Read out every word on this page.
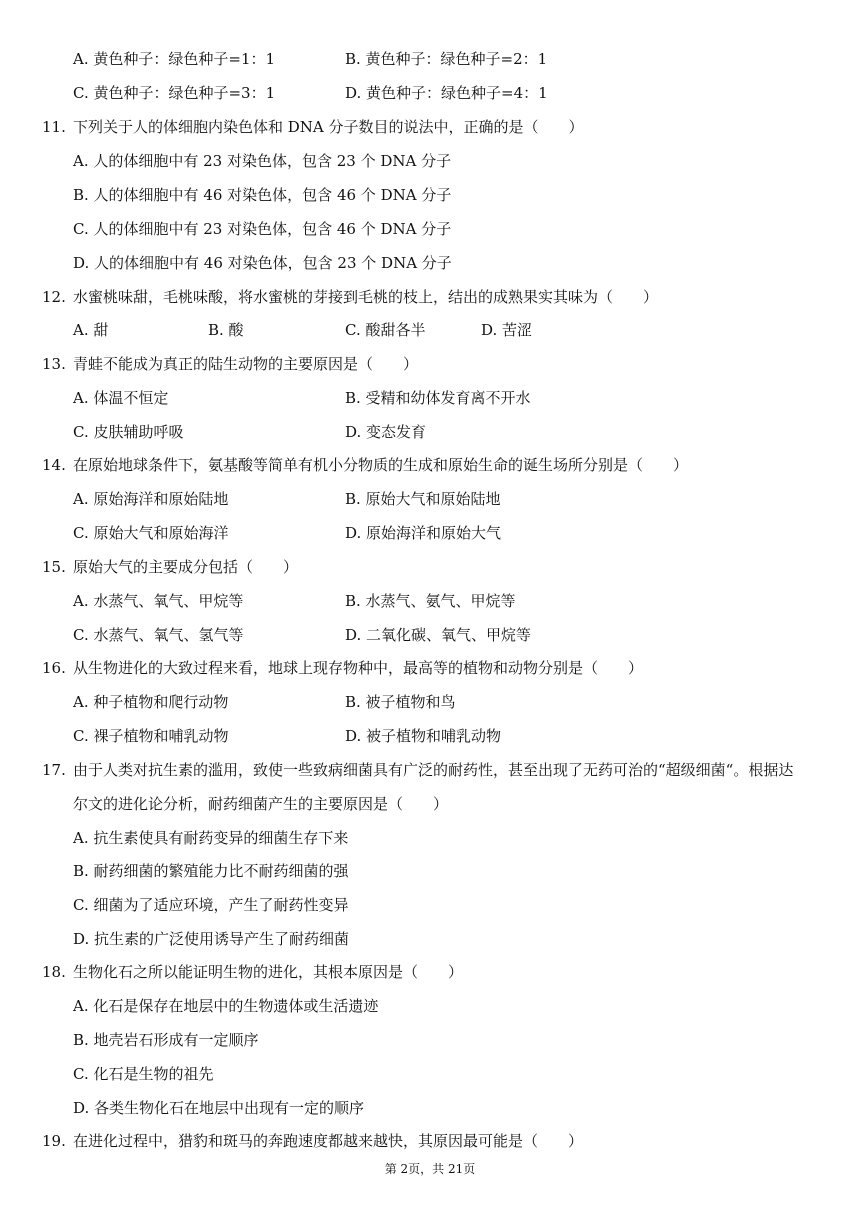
A. 黄色种子：绿色种子=1：1	B. 黄色种子：绿色种子=2：1
C. 黄色种子：绿色种子=3：1	D. 黄色种子：绿色种子=4：1
11. 下列关于人的体细胞内染色体和 DNA 分子数目的说法中，正确的是（　　）
A. 人的体细胞中有 23 对染色体，包含 23 个 DNA 分子
B. 人的体细胞中有 46 对染色体，包含 46 个 DNA 分子
C. 人的体细胞中有 23 对染色体，包含 46 个 DNA 分子
D. 人的体细胞中有 46 对染色体，包含 23 个 DNA 分子
12. 水蜜桃味甜，毛桃味酸，将水蜜桃的芽接到毛桃的枝上，结出的成熟果实其味为（　　）
A. 甜	B. 酸	C. 酸甜各半	D. 苦涩
13. 青蛙不能成为真正的陆生动物的主要原因是（　　）
A. 体温不恒定	B. 受精和幼体发育离不开水
C. 皮肤辅助呼吸	D. 变态发育
14. 在原始地球条件下，氨基酸等简单有机小分物质的生成和原始生命的诞生场所分别是（　　）
A. 原始海洋和原始陆地	B. 原始大气和原始陆地
C. 原始大气和原始海洋	D. 原始海洋和原始大气
15. 原始大气的主要成分包括（　　）
A. 水蒸气、氧气、甲烷等	B. 水蒸气、氨气、甲烷等
C. 水蒸气、氧气、氢气等	D. 二氧化碳、氧气、甲烷等
16. 从生物进化的大致过程来看，地球上现存物种中，最高等的植物和动物分别是（　　）
A. 种子植物和爬行动物	B. 被子植物和鸟
C. 裸子植物和哺乳动物	D. 被子植物和哺乳动物
17. 由于人类对抗生素的滥用，致使一些致病细菌具有广泛的耐药性，甚至出现了无药可治的“超级细菌“。根据达
尔文的进化论分析，耐药细菌产生的主要原因是（　　）
A. 抗生素使具有耐药变异的细菌生存下来
B. 耐药细菌的繁殖能力比不耐药细菌的强
C. 细菌为了适应环境，产生了耐药性变异
D. 抗生素的广泛使用诱导产生了耐药细菌
18. 生物化石之所以能证明生物的进化，其根本原因是（　　）
A. 化石是保存在地层中的生物遗体或生活遗迹
B. 地壳岩石形成有一定顺序
C. 化石是生物的祖先
D. 各类生物化石在地层中出现有一定的顺序
19. 在进化过程中，猎豹和斑马的奔跑速度都越来越快，其原因最可能是（　　）
第 2页，共 21页
